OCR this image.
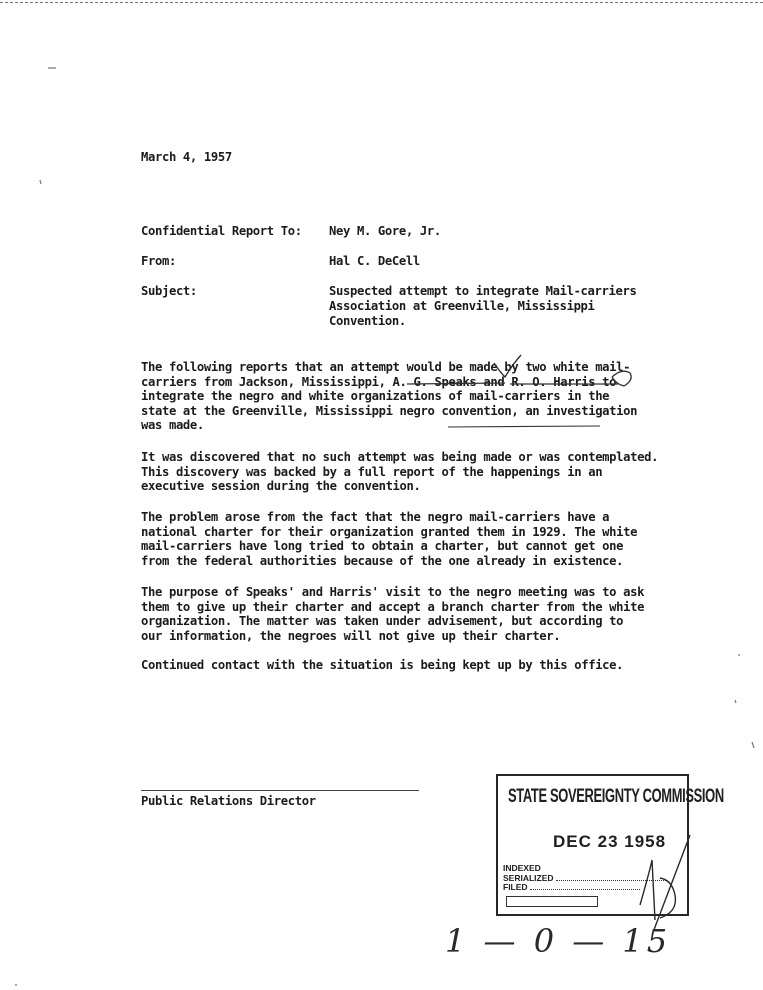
March 4, 1957
Confidential Report To: Ney M. Gore, Jr.
From:	Hal C. DeCell
Subject:	Suspected attempt to integrate Mail-carriers
Association at Greenville, Mississippi
Convention.

The following reports that an attempt would be made by two white mail-
carriers from Jackson, Mississippi, A. G. Speaks and R. O. Harris to
integrate the negro and white organizations of mail-carriers in the
state at the Greenville, Mississippi negro convention, an investigation
was made.

It was discovered that no such attempt was being made or was contemplated.
This discovery was backed by a full report of the happenings in an
executive session during the convention.

The problem arose from the fact that the negro mail-carriers have a
national charter for their organization granted them in 1929. The white
mail-carriers have long tried to obtain a charter, but cannot get one
from the federal authorities because of the one already in existence.

The purpose of Speaks' and Harris' visit to the negro meeting was to ask
them to give up their charter and accept a branch charter from the white
organization. The matter was taken under advisement, but according to
our information, the negroes will not give up their charter.

Continued contact with the situation is being kept up by this office.

Public Relations Director	STATE SOVEREIGNTY COMMISSION
DEC 23 1958
INDEXED
SERIALIZED
FILED
1 — 0 — 15
